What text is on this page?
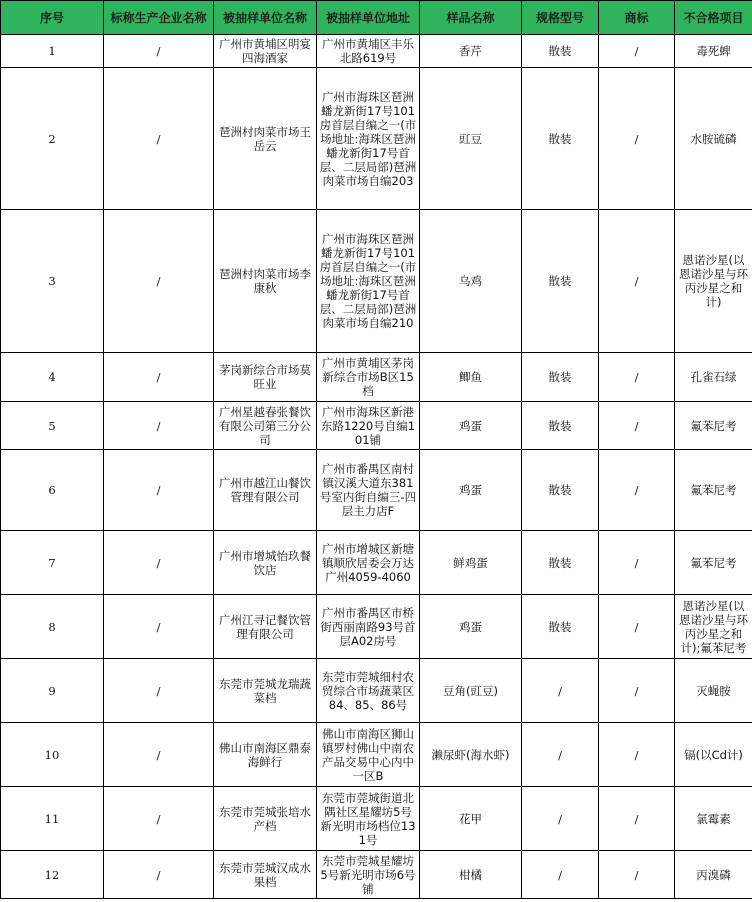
序号	标称生产企业名称	被抽样单位名称	被抽样单位地址	样品名称	规格型号	商标	不合格项目
1	/	广州市黄埔区明宴四海酒家	广州市黄埔区丰乐北路619号	香芹	散装	/	毒死蜱
2	/	琶洲村肉菜市场王岳云	广州市海珠区琶洲蟠龙新街17号101房首层自编之一(市场地址:海珠区琶洲蟠龙新街17号首层、二层局部)琶洲肉菜市场自编203	豇豆	散装	/	水胺硫磷
3	/	琶洲村肉菜市场李康秋	广州市海珠区琶洲蟠龙新街17号101房首层自编之一(市场地址:海珠区琶洲蟠龙新街17号首层、二层局部)琶洲肉菜市场自编210	乌鸡	散装	/	恩诺沙星(以恩诺沙星与环丙沙星之和计)
4	/	茅岗新综合市场莫旺业	广州市黄埔区茅岗新综合市场B区15档	鲫鱼	散装	/	孔雀石绿
5	/	广州星越春张餐饮有限公司第三分公司	广州市海珠区新港东路1220号自编101铺	鸡蛋	散装	/	氟苯尼考
6	/	广州市越江山餐饮管理有限公司	广州市番禺区南村镇汉溪大道东381号室内街自编三-四层主力店F	鸡蛋	散装	/	氟苯尼考
7	/	广州市增城怡玖餐饮店	广州市增城区新塘镇顺欣居委会万达广州4059-4060	鲜鸡蛋	散装	/	氟苯尼考
8	/	广州江寻记餐饮管理有限公司	广州市番禺区市桥街西丽南路93号首层A02房号	鸡蛋	散装	/	恩诺沙星(以恩诺沙星与环丙沙星之和计);氟苯尼考
9	/	东莞市莞城龙瑞蔬菜档	东莞市莞城细村农贸综合市场蔬菜区84、85、86号	豆角(豇豆)	/	/	灭蝇胺
10	/	佛山市南海区鼎泰海鲜行	佛山市南海区狮山镇罗村佛山中南农产品交易中心内中一区B	濑尿虾(海水虾)	/	/	镉(以Cd计)
11	/	东莞市莞城张培水产档	东莞市莞城街道北隅社区星耀坊5号新光明市场档位131号	花甲	/	/	氯霉素
12	/	东莞市莞城汉成水果档	东莞市莞城星耀坊5号新光明市场6号铺	柑橘	/	/	丙溴磷
